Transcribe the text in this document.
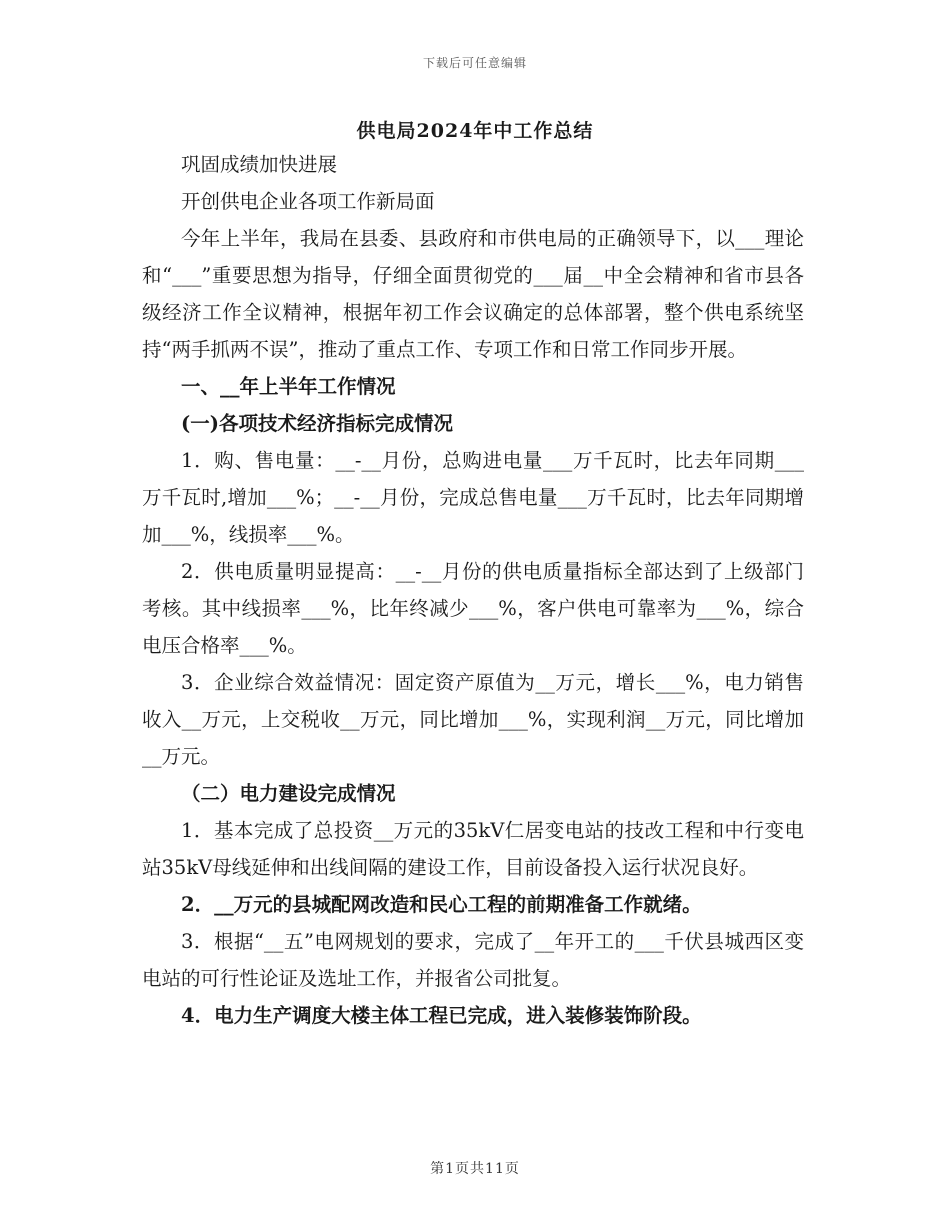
下载后可任意编辑
供电局2024年中工作总结

巩固成绩加快进展

开创供电企业各项工作新局面

今年上半年，我局在县委、县政府和市供电局的正确领导下，以___理论和“___”重要思想为指导，仔细全面贯彻党的___届__中全会精神和省市县各级经济工作全议精神，根据年初工作会议确定的总体部署，整个供电系统坚持“两手抓两不误”，推动了重点工作、专项工作和日常工作同步开展。

一、__年上半年工作情况

(一)各项技术经济指标完成情况

1．购、售电量：__-__月份，总购进电量___万千瓦时，比去年同期___万千瓦时,增加___%；__-__月份，完成总售电量___万千瓦时，比去年同期增加___%，线损率___%。

2．供电质量明显提高：__-__月份的供电质量指标全部达到了上级部门考核。其中线损率___%，比年终减少___%，客户供电可靠率为___%，综合电压合格率___%。

3．企业综合效益情况：固定资产原值为__万元，增长___%，电力销售收入__万元，上交税收__万元，同比增加___%，实现利润__万元，同比增加__万元。

（二）电力建设完成情况

1．基本完成了总投资__万元的35kV仁居变电站的技改工程和中行变电站35kV母线延伸和出线间隔的建设工作，目前设备投入运行状况良好。

2．__万元的县城配网改造和民心工程的前期准备工作就绪。

3．根据“__五”电网规划的要求，完成了__年开工的___千伏县城西区变电站的可行性论证及选址工作，并报省公司批复。

4．电力生产调度大楼主体工程已完成，进入装修装饰阶段。

第1页共11页
